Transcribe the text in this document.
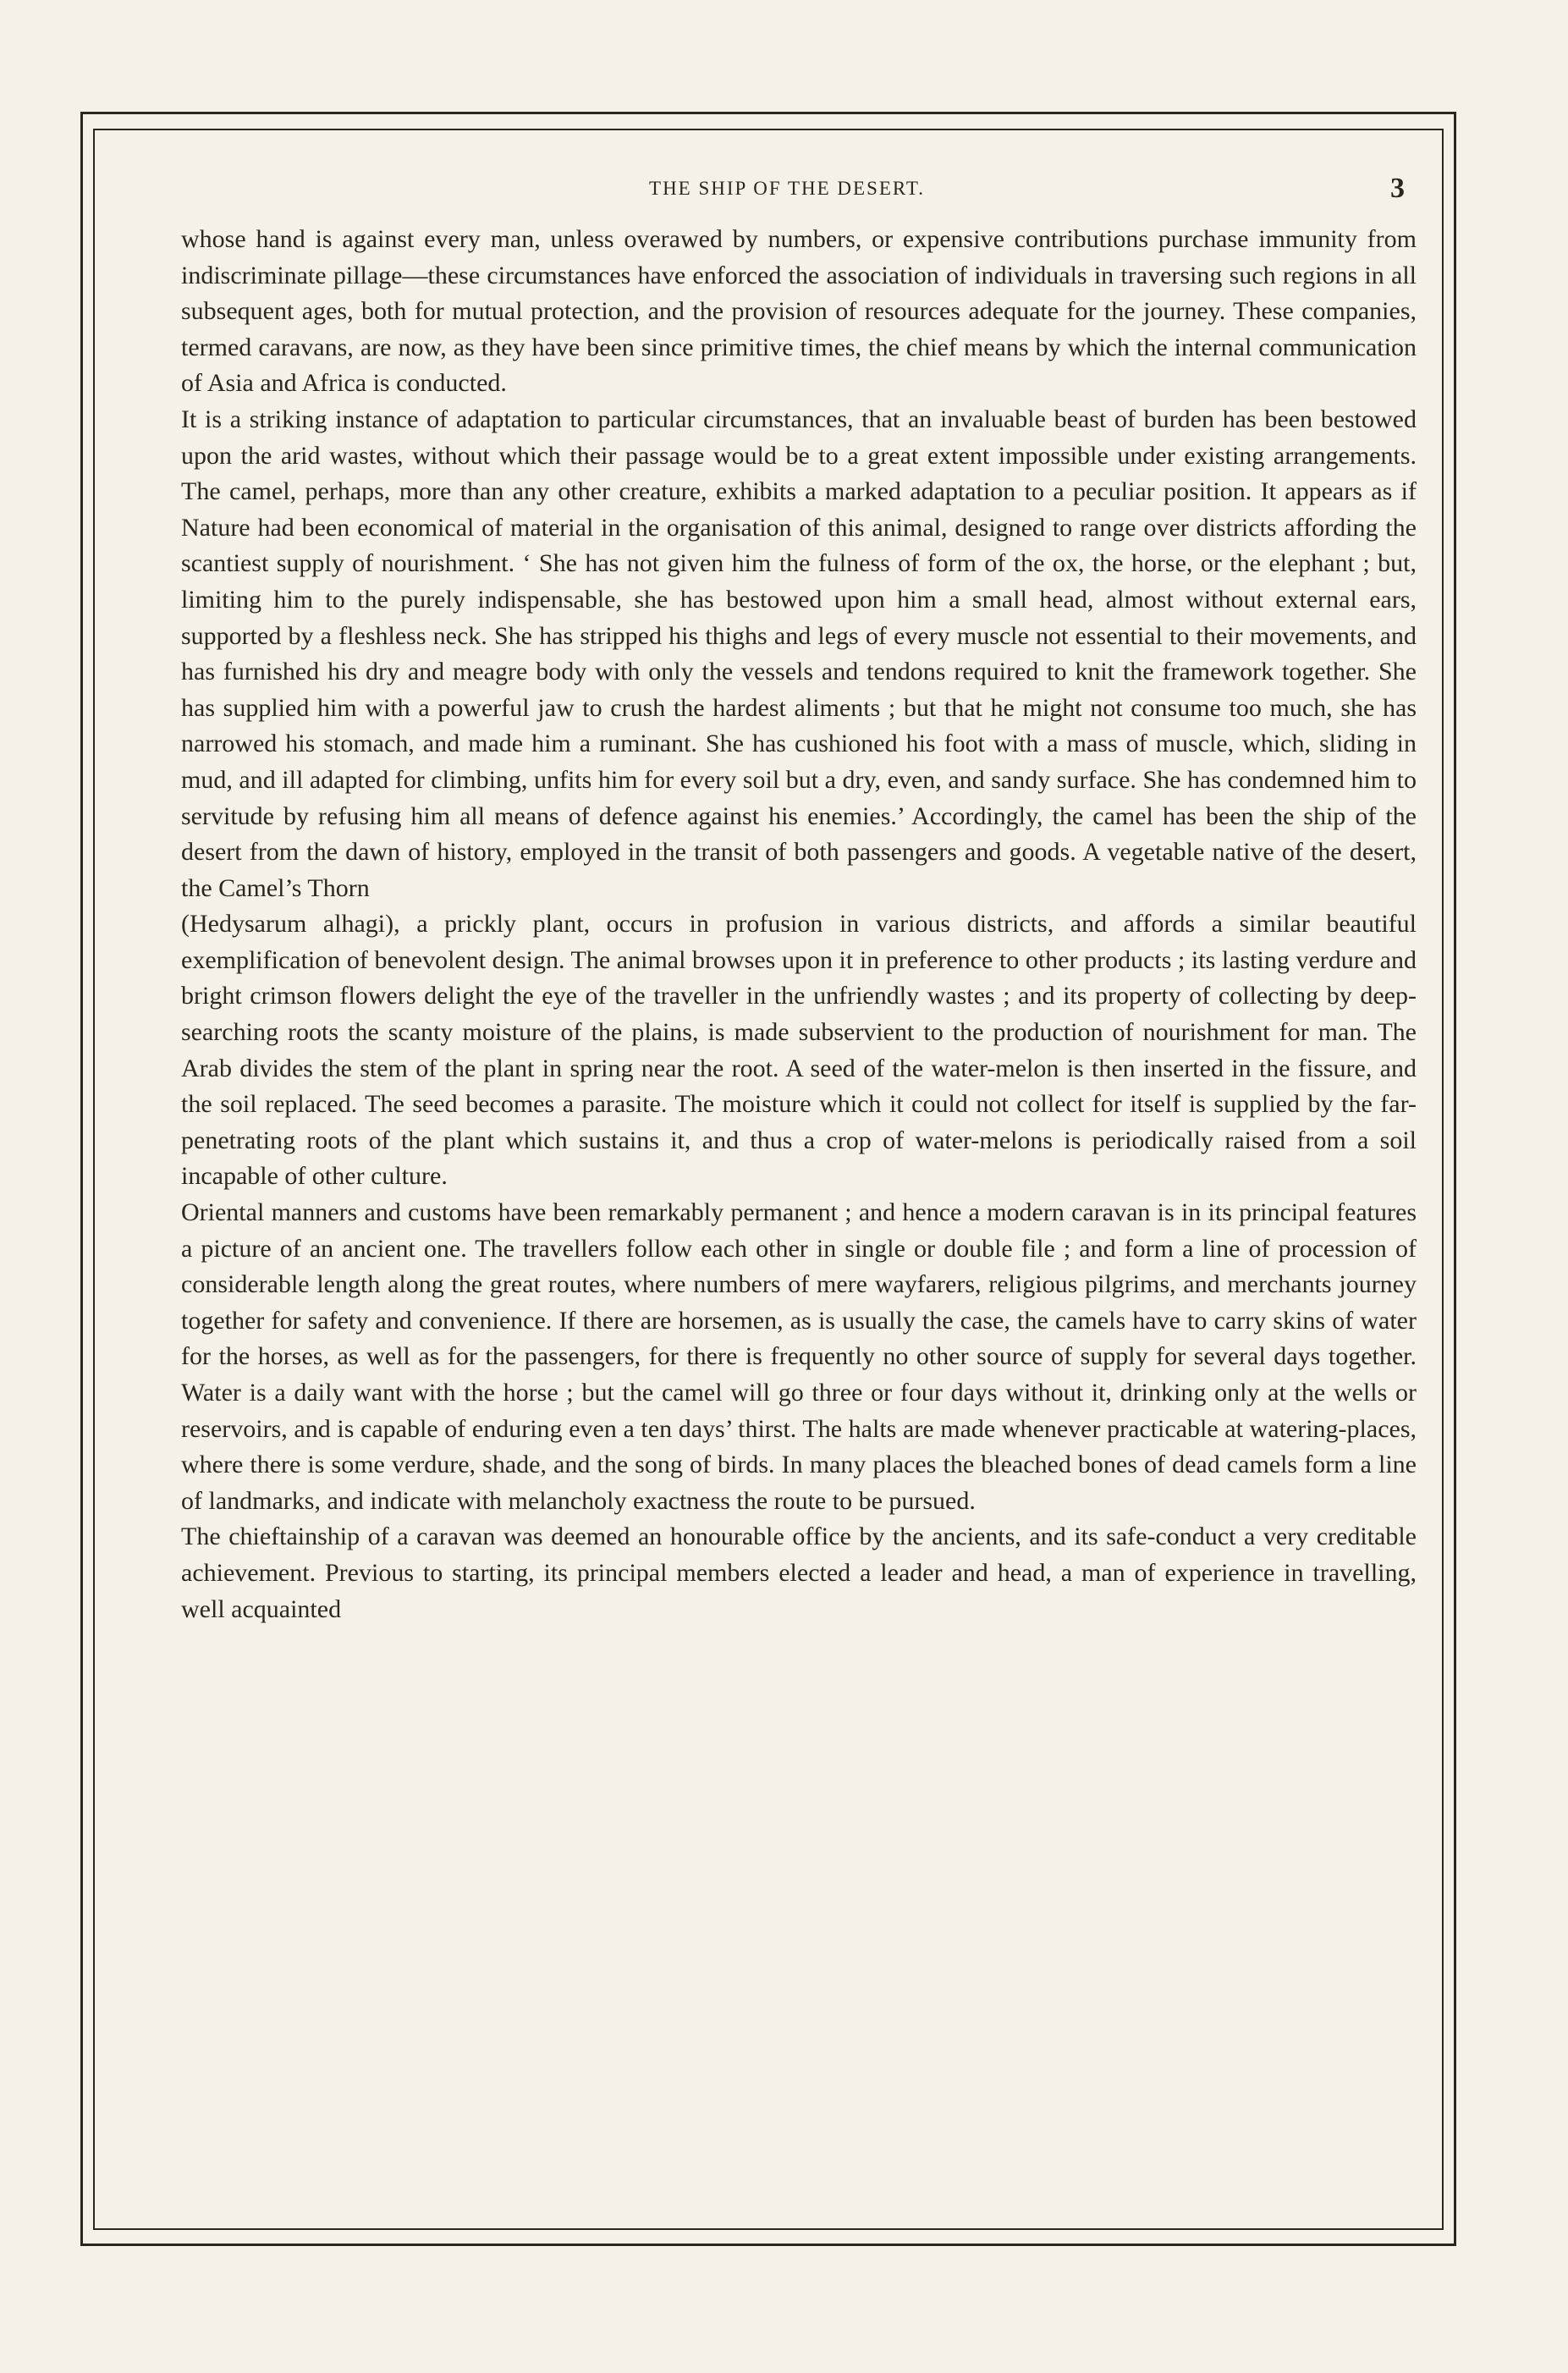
THE SHIP OF THE DESERT.	3

whose hand is against every man, unless overawed by numbers, or expensive contributions purchase immunity from indiscriminate pillage—these circumstances have enforced the association of individuals in traversing such regions in all subsequent ages, both for mutual protection, and the provision of resources adequate for the journey. These companies, termed caravans, are now, as they have been since primitive times, the chief means by which the internal communication of Asia and Africa is conducted.

It is a striking instance of adaptation to particular circumstances, that an invaluable beast of burden has been bestowed upon the arid wastes, without which their passage would be to a great extent impossible under existing arrangements. The camel, perhaps, more than any other creature, exhibits a marked adaptation to a peculiar position. It appears as if Nature had been economical of material in the organisation of this animal, designed to range over districts affording the scantiest supply of nourishment. ‘ She has not given him the fulness of form of the ox, the horse, or the elephant ; but, limiting him to the purely indispensable, she has bestowed upon him a small head, almost without external ears, supported by a fleshless neck. She has stripped his thighs and legs of every muscle not essential to their movements, and has furnished his dry and meagre body with only the vessels and tendons required to knit the framework together. She has supplied him with a powerful jaw to crush the hardest aliments ; but that he might not consume too much, she has narrowed his stomach, and made him a ruminant. She has cushioned his foot with a mass of muscle, which, sliding in mud, and ill adapted for climbing, unfits him for every soil but a dry, even, and sandy surface. She has condemned him to servitude by refusing him all means of defence against his enemies.’ Accordingly, the camel has been the ship of the desert from the dawn of history, employed in the transit of both passengers and goods. A vegetable native of the desert, the Camel’s Thorn

(Hedysarum alhagi), a prickly plant, occurs in profusion in various districts, and affords a similar beautiful exemplification of benevolent design. The animal browses upon it in preference to other products ; its lasting verdure and bright crimson flowers delight the eye of the traveller in the unfriendly wastes ; and its property of collecting by deep-searching roots the scanty moisture of the plains, is made subservient to the production of nourishment for man. The Arab divides the stem of the plant in spring near the root. A seed of the water-melon is then inserted in the fissure, and the soil replaced. The seed becomes a parasite. The moisture which it could not collect for itself is supplied by the far-penetrating roots of the plant which sustains it, and thus a crop of water-melons is periodically raised from a soil incapable of other culture.

Oriental manners and customs have been remarkably permanent ; and hence a modern caravan is in its principal features a picture of an ancient one. The travellers follow each other in single or double file ; and form a line of procession of considerable length along the great routes, where numbers of mere wayfarers, religious pilgrims, and merchants journey together for safety and convenience. If there are horsemen, as is usually the case, the camels have to carry skins of water for the horses, as well as for the passengers, for there is frequently no other source of supply for several days together. Water is a daily want with the horse ; but the camel will go three or four days without it, drinking only at the wells or reservoirs, and is capable of enduring even a ten days’ thirst. The halts are made whenever practicable at watering-places, where there is some verdure, shade, and the song of birds. In many places the bleached bones of dead camels form a line of landmarks, and indicate with melancholy exactness the route to be pursued.

The chieftainship of a caravan was deemed an honourable office by the ancients, and its safe-conduct a very creditable achievement. Previous to starting, its principal members elected a leader and head, a man of experience in travelling, well acquainted
